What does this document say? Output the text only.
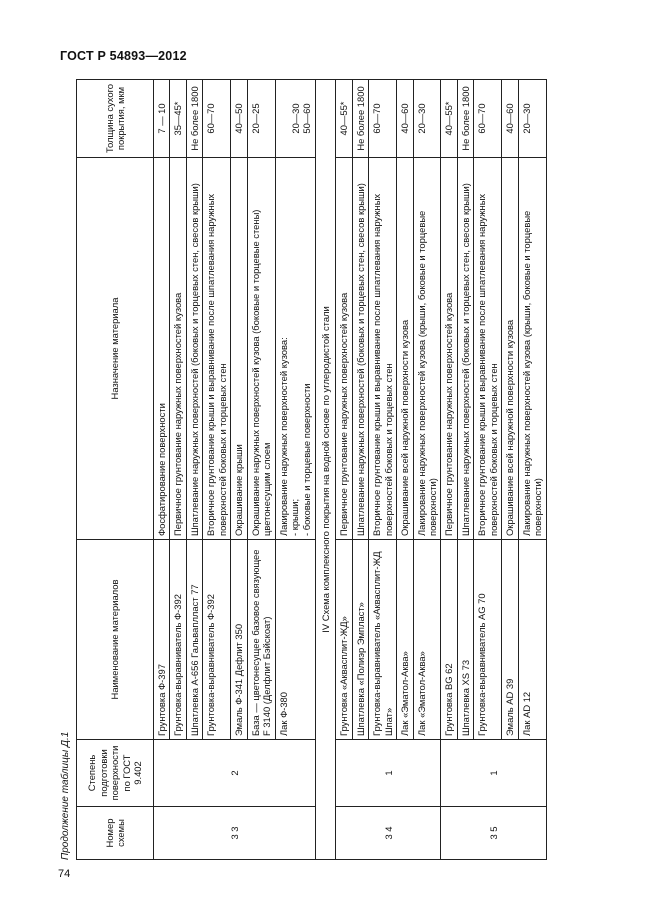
ГОСТ Р 54893—2012
Продолжение таблицы Д.1	Номер схемы	Степень подготовки поверхности по ГОСТ 9.402	Наименование материалов	Назначение материала	Толщина сухого покрытия, мкм
3 3	2	Грунтовка Ф-397	Фосфатирование поверхности	7 — 10
		Грунтовка-выравниватель Ф-392	Первичное грунтование наружных поверхностей кузова	35—45*
		Шпатлевка А-656 Гальваплласт 77	Шпатлевание наружных поверхностей (боковых и торцевых стен, свесов крыши)	Не более 1800
		Грунтовка-выравниватель Ф-392	Вторичное грунтование крыши и выравнивание после шпатлевания наружных поверхностей боковых и торцевых стен	60—70
		Эмаль Ф-341 Дефлит 350	Окрашивание крыши	40—50
		База — цветонесущее базовое связующее F 3140 (Делфлит Бэйскоат)	Окрашивание наружных поверхностей кузова (боковые и торцевые стены) цветонесущим слоем	20—25
		Лак Ф-380	Лакирование наружных поверхностей кузова: - крыши; - боковые и торцевые поверхности	20—30 50—60

IV Схема комплексного покрытия на водной основе по углеродистой стали				
3 4	1	Грунтовка «Аквасплит-ЖД»	Первичное грунтование наружных поверхностей кузова	40—55*
		Шпатлевка «Полиэр Эмпласт»	Шпатлевание наружных поверхностей (боковых и торцевых стен, свесов крыши)	Не более 1800
		Грунтовка-выравниватель «Аквасплит-ЖД Шпат»	Вторичное грунтование крыши и выравнивание после шпатлевания наружных поверхностей боковых и торцевых стен	60—70
		Лак «Эматол-Аква»	Окрашивание всей наружной поверхности кузова	40—60
		Лак «Эматол-Аква»	Лакирование наружных поверхностей кузова (крыши, боковые и торцевые поверхности)	20—30
3 5	1	Грунтовка BG 62	Первичное грунтование наружных поверхностей кузова	40—55*
		Шпатлевка XS 73	Шпатлевание наружных поверхностей (боковых и торцевых стен, свесов крыши)	Не более 1800
		Грунтовка-выравниватель AG 70	Вторичное грунтование крыши и выравнивание после шпатлевания наружных поверхностей боковых и торцевых стен	60—70
		Эмаль AD 39	Окрашивание всей наружной поверхности кузова	40—60
		Лак AD 12	Лакирование наружных поверхностей кузова (крыши, боковые и торцевые поверхности)	20—30
74
